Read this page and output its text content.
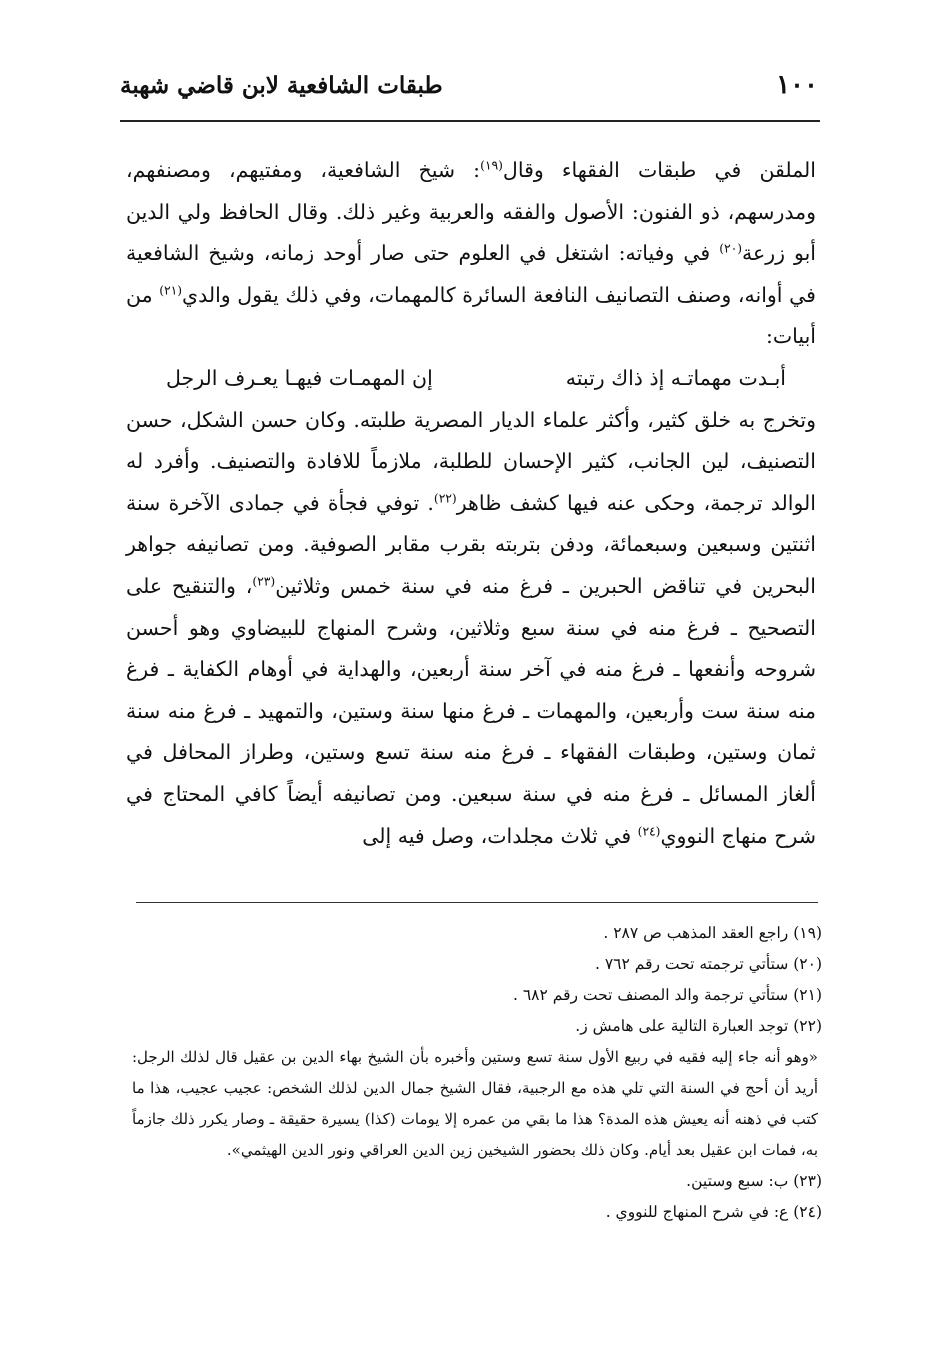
١٠٠
طبقات الشافعية لابن قاضي شهبة

الملقن في طبقات الفقهاء وقال$^{(١٩)}$: شيخ الشافعية، ومفتيهم، ومصنفهم، ومدرسهم، ذو الفنون: الأصول والفقه والعربية وغير ذلك. وقال الحافظ ولي الدين أبو زرعة$^{(٢٠)}$ في وفياته: اشتغل في العلوم حتى صار أوحد زمانه، وشيخ الشافعية في أوانه، وصنف التصانيف النافعة السائرة كالمهمات، وفي ذلك يقول والدي$^{(٢١)}$ من أبيات:

أبـدت مهماتـه إذ ذاك رتبته
إن المهمـات فيهـا يعـرف الرجل

وتخرج به خلق كثير، وأكثر علماء الديار المصرية طلبته. وكان حسن الشكل، حسن التصنيف، لين الجانب، كثير الإحسان للطلبة، ملازماً للافادة والتصنيف. وأفرد له الوالد ترجمة، وحكى عنه فيها كشف ظاهر$^{(٢٢)}$. توفي فجأة في جمادى الآخرة سنة اثنتين وسبعين وسبعمائة، ودفن بتربته بقرب مقابر الصوفية. ومن تصانيفه جواهر البحرين في تناقض الحبرين ـ فرغ منه في سنة خمس وثلاثين$^{(٢٣)}$، والتنقيح على التصحيح ـ فرغ منه في سنة سبع وثلاثين، وشرح المنهاج للبيضاوي وهو أحسن شروحه وأنفعها ـ فرغ منه في آخر سنة أربعين، والهداية في أوهام الكفاية ـ فرغ منه سنة ست وأربعين، والمهمات ـ فرغ منها سنة وستين، والتمهيد ـ فرغ منه سنة ثمان وستين، وطبقات الفقهاء ـ فرغ منه سنة تسع وستين، وطراز المحافل في ألغاز المسائل ـ فرغ منه في سنة سبعين. ومن تصانيفه أيضاً كافي المحتاج في شرح منهاج النووي$^{(٢٤)}$ في ثلاث مجلدات، وصل فيه إلى

(١٩) راجع العقد المذهب ص ٢٨٧ .

(٢٠) ستأتي ترجمته تحت رقم ٧٦٢ .

(٢١) ستأتي ترجمة والد المصنف تحت رقم ٦٨٢ .

(٢٢) توجد العبارة التالية على هامش ز.

«وهو أنه جاء إليه فقيه في ربيع الأول سنة تسع وستين وأخبره بأن الشيخ بهاء الدين بن عقيل قال لذلك الرجل: أريد أن أحج في السنة التي تلي هذه مع الرجبية، فقال الشيخ جمال الدين لذلك الشخص: عجيب عجيب، هذا ما كتب في ذهنه أنه يعيش هذه المدة؟ هذا ما بقي من عمره إلا يومات (كذا) يسيرة حقيقة ـ وصار يكرر ذلك جازماً به، فمات ابن عقيل بعد أيام. وكان ذلك بحضور الشيخين زين الدين العراقي ونور الدين الهيثمي».

(٢٣) ب: سبع وستين.

(٢٤) ع: في شرح المنهاج للنووي .
